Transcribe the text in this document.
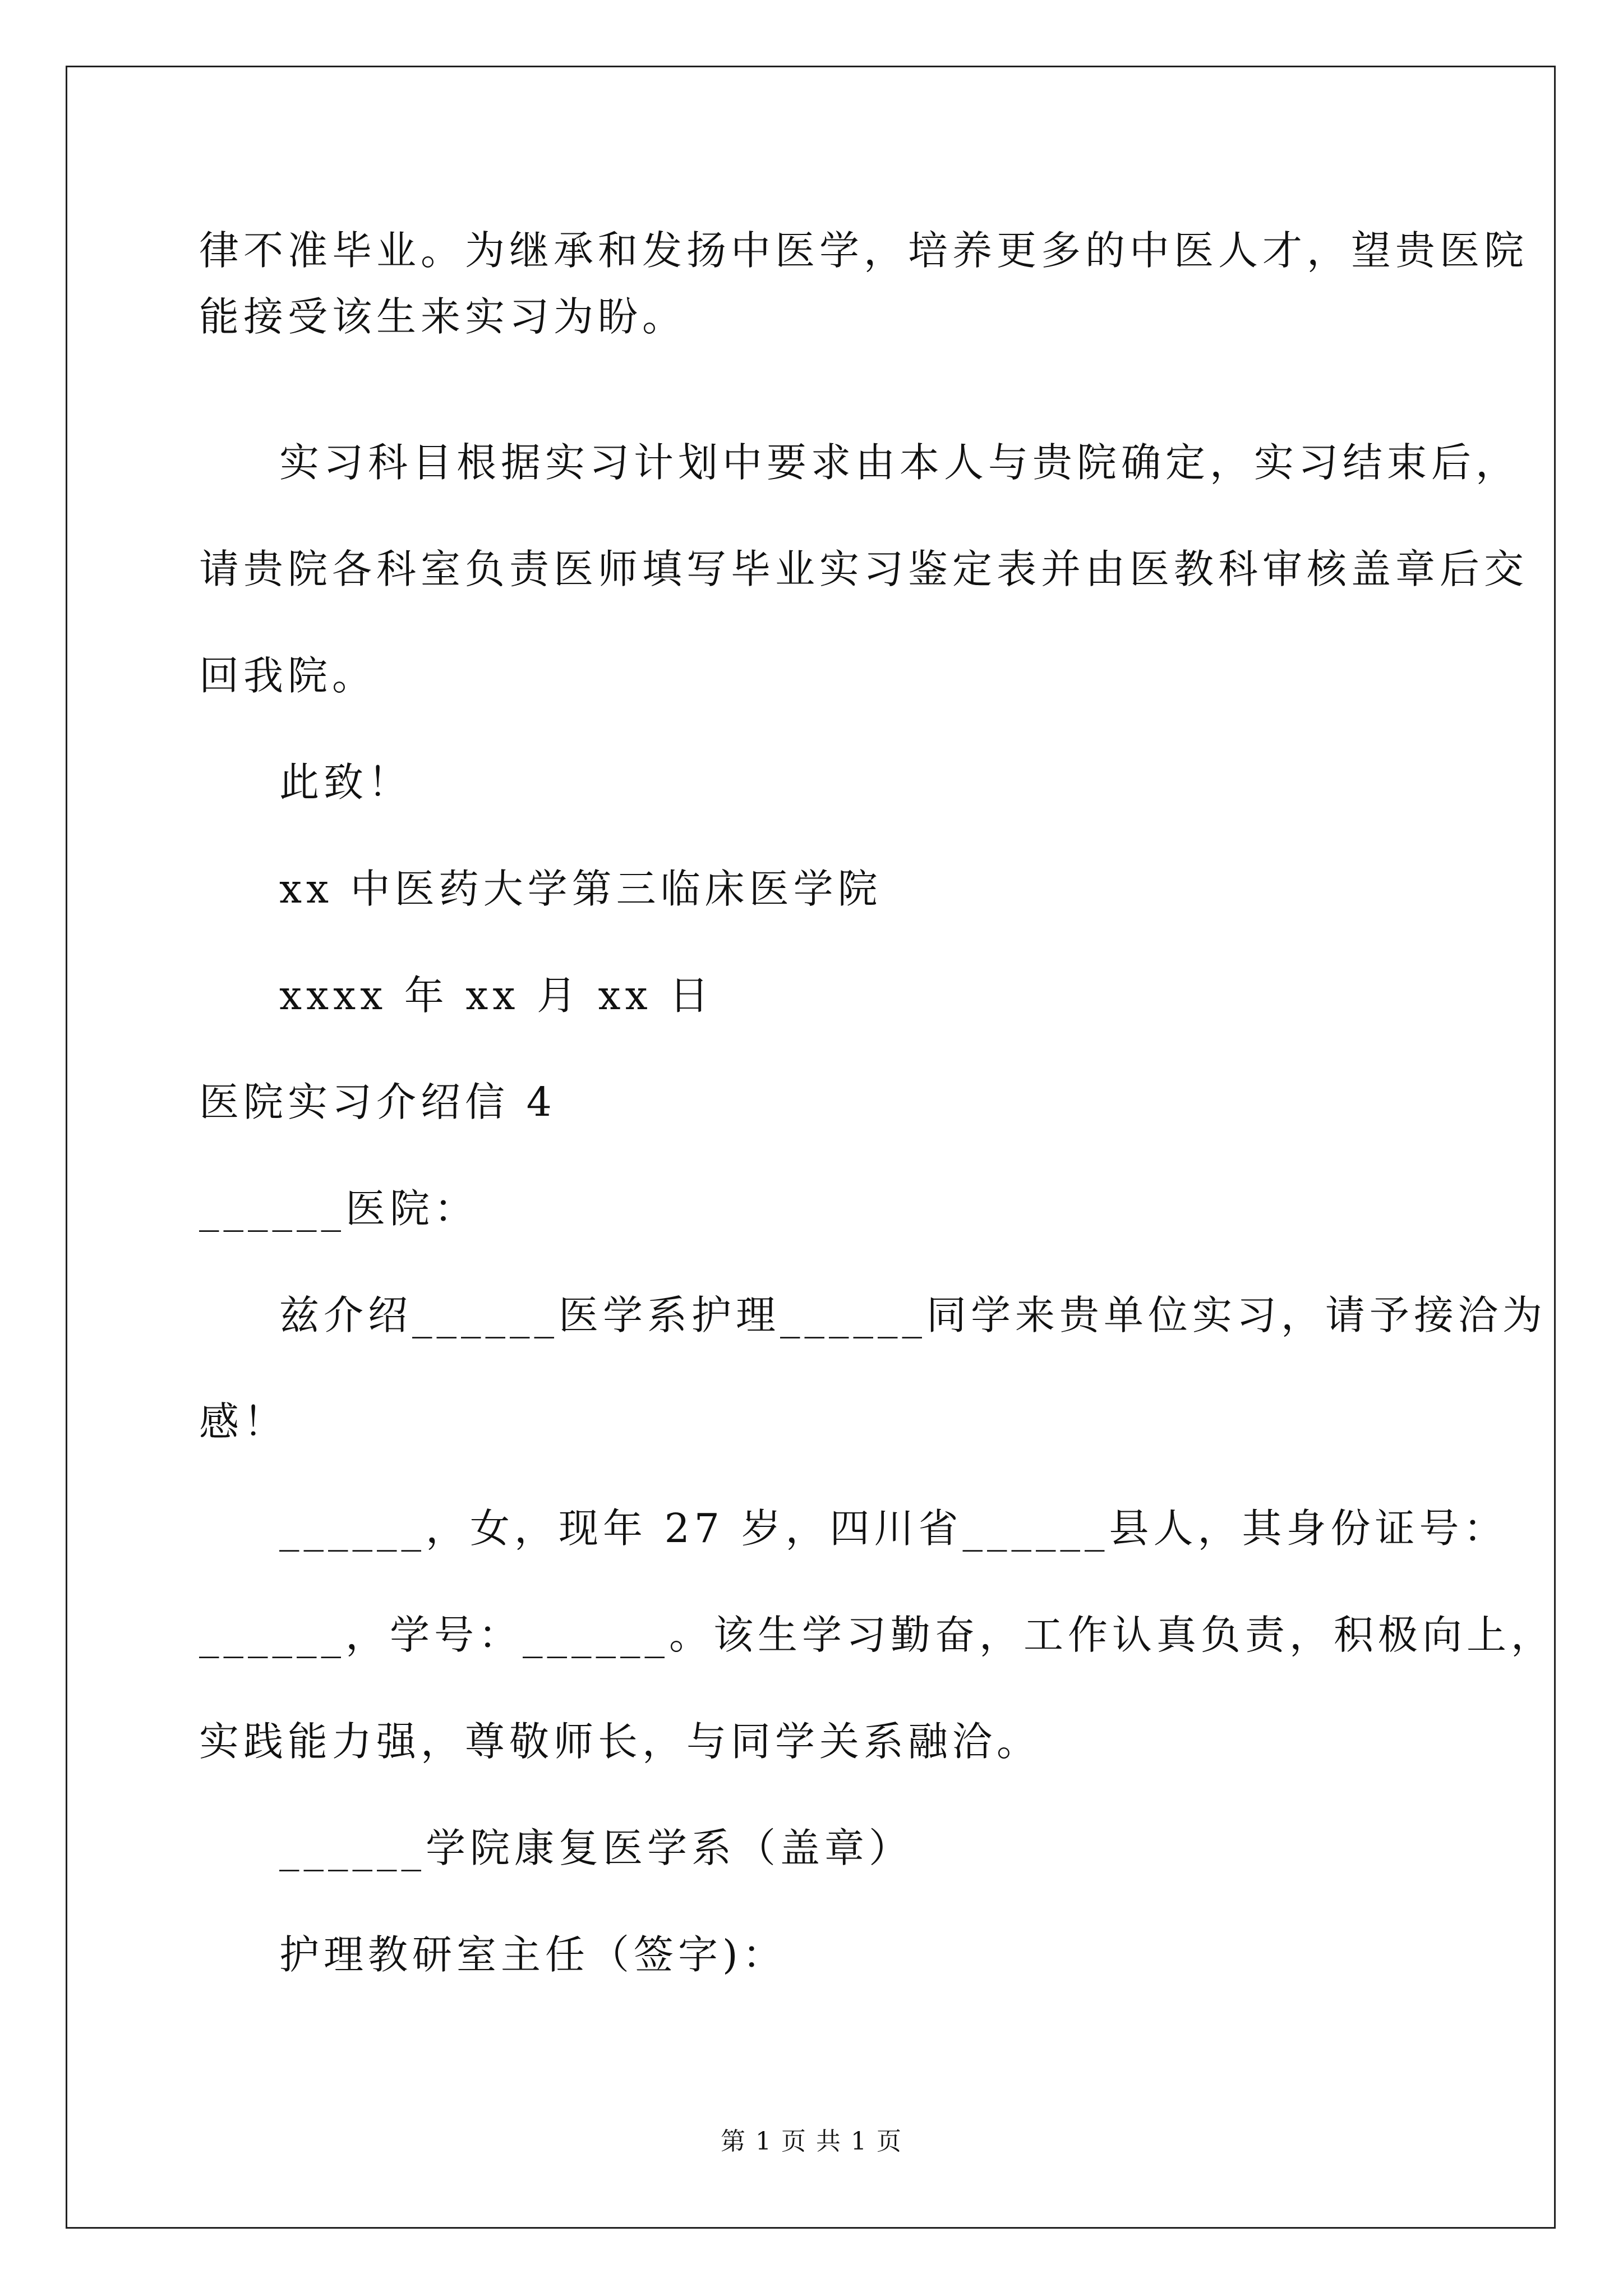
律不准毕业。为继承和发扬中医学，培养更多的中医人才，望贵医院
能接受该生来实习为盼。
实习科目根据实习计划中要求由本人与贵院确定，实习结束后，
请贵院各科室负责医师填写毕业实习鉴定表并由医教科审核盖章后交
回我院。
此致！
xx 中医药大学第三临床医学院
xxxx 年 xx 月 xx 日
医院实习介绍信 4
______医院：
兹介绍______医学系护理______同学来贵单位实习，请予接洽为
感！
______，女，现年 27 岁，四川省______县人，其身份证号：
______，学号：______。该生学习勤奋，工作认真负责，积极向上，
实践能力强，尊敬师长，与同学关系融洽。
______学院康复医学系（盖章）
护理教研室主任（签字)：
第 1 页 共 1 页
